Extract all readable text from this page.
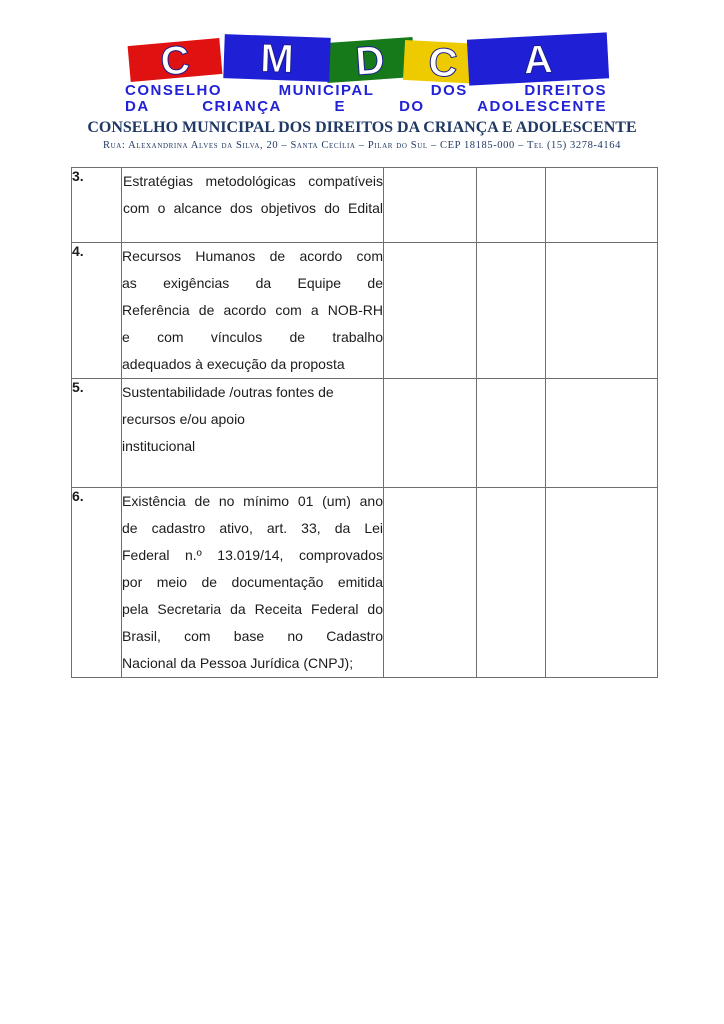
D
M
C	C A
CONSELHO MUNICIPAL DOS DIREITOS
DA CRIANÇA E DO ADOLESCENTE
CONSELHO MUNICIPAL DOS DIREITOS DA CRIANÇA E ADOLESCENTE
Rua: Alexandrina Alves da Silva, 20 – Santa Cecília – Pilar do Sul – CEP 18185-000 – Tel (15) 3278-4164
3.	Estratégias metodológicas compatíveis
com o alcance dos objetivos do Edital			

4.	Recursos Humanos de acordo com
as exigências da Equipe de
Referência de acordo com a NOB-RH
e com vínculos de trabalho
adequados à execução da proposta			

5.	Sustentabilidade /outras fontes de
recursos e/ou apoio
institucional			

6.	Existência de no mínimo 01 (um) ano
de cadastro ativo, art. 33, da Lei
Federal n.º 13.019/14, comprovados
por meio de documentação emitida
pela Secretaria da Receita Federal do
Brasil, com base no Cadastro
Nacional da Pessoa Jurídica (CNPJ);
